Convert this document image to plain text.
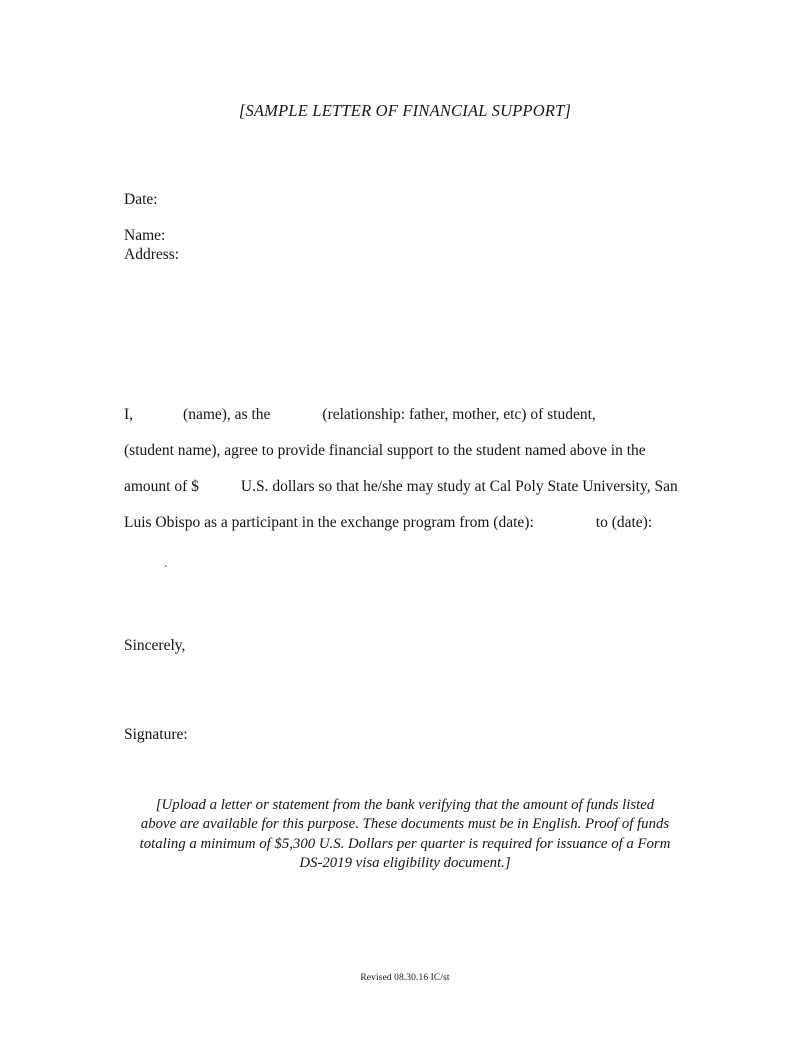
[SAMPLE LETTER OF FINANCIAL SUPPORT]
Date:
Name:
Address:
I,	(name), as the	(relationship: father, mother, etc) of student,
(student name), agree to provide financial support to the student named above in the
amount of $	U.S. dollars so that he/she may study at Cal Poly State University, San
Luis Obispo as a participant in the exchange program from (date):	to (date):
.
Sincerely,
Signature:
[Upload a letter or statement from the bank verifying that the amount of funds listed
above are available for this purpose. These documents must be in English. Proof of funds
totaling a minimum of $5,300 U.S. Dollars per quarter is required for issuance of a Form
DS-2019 visa eligibility document.]
Revised 08.30.16 IC/st
